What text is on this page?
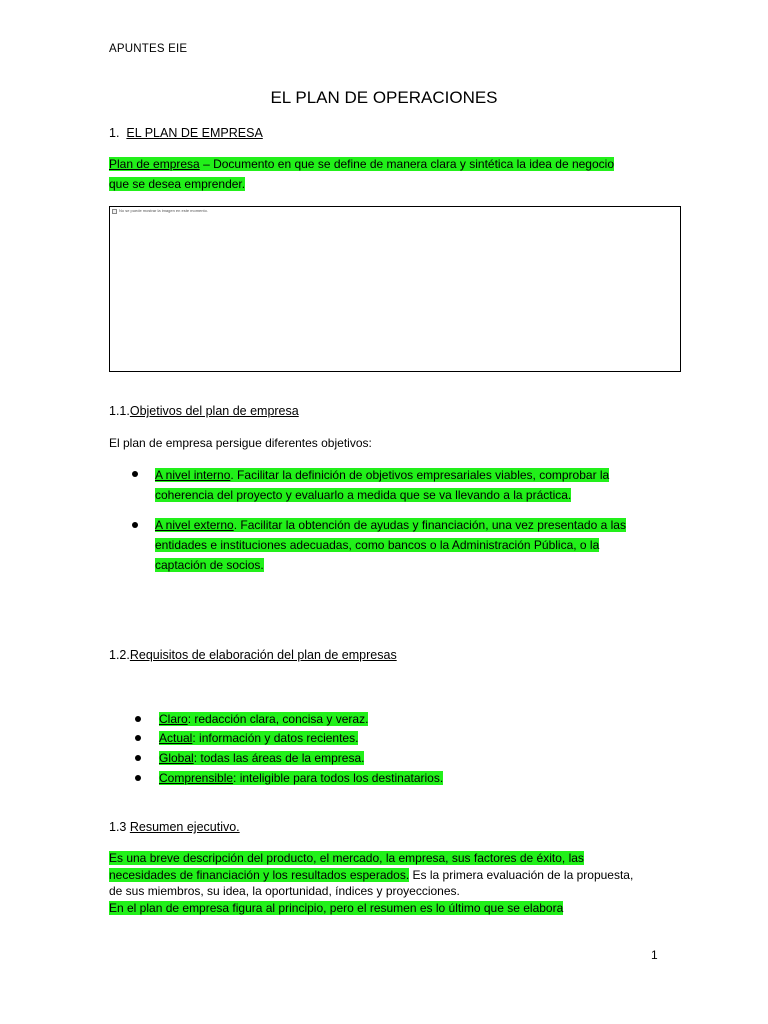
APUNTES EIE
EL PLAN DE OPERACIONES
1. EL PLAN DE EMPRESA
Plan de empresa – Documento en que se define de manera clara y sintética la idea de negocio
que se desea emprender.
No se puede mostrar la imagen en este momento.
1.1.Objetivos del plan de empresa
El plan de empresa persigue diferentes objetivos:
A nivel interno. Facilitar la definición de objetivos empresariales viables, comprobar la
coherencia del proyecto y evaluarlo a medida que se va llevando a la práctica.
A nivel externo. Facilitar la obtención de ayudas y financiación, una vez presentado a las
entidades e instituciones adecuadas, como bancos o la Administración Pública, o la
captación de socios.
1.2.Requisitos de elaboración del plan de empresas
Claro: redacción clara, concisa y veraz.
Actual: información y datos recientes.
Global: todas las áreas de la empresa.
Comprensible: inteligible para todos los destinatarios.
1.3 Resumen ejecutivo.
Es una breve descripción del producto, el mercado, la empresa, sus factores de éxito, las
necesidades de financiación y los resultados esperados. Es la primera evaluación de la propuesta,
de sus miembros, su idea, la oportunidad, índices y proyecciones.
En el plan de empresa figura al principio, pero el resumen es lo último que se elabora
1
